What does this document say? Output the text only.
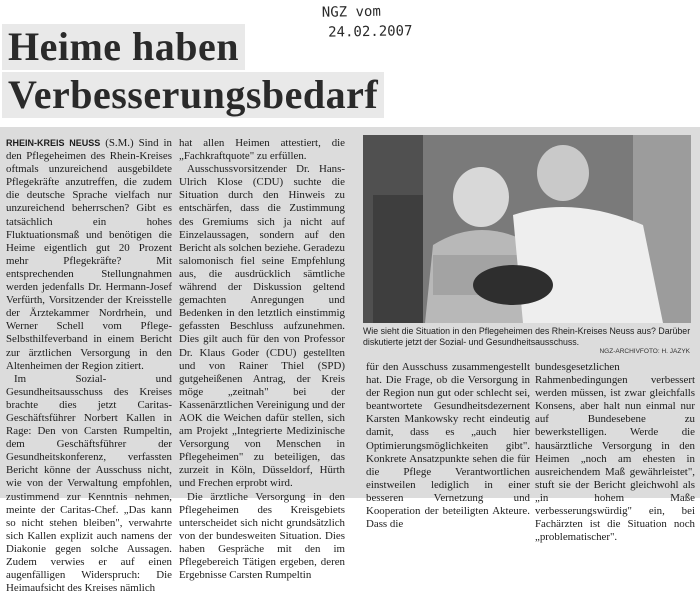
NGZ vom
24.02.2007
Heime haben
Verbesserungsbedarf

RHEIN-KREIS NEUSS (S.M.) Sind in den Pflegeheimen des Rhein-Kreises oftmals unzureichend ausgebildete Pflegekräfte anzutreffen, die zudem die deutsche Sprache vielfach nur unzureichend beherrschen? Gibt es tatsächlich ein hohes Fluktuationsmaß und benötigen die Heime eigentlich gut 20 Prozent mehr Pflegekräfte? Mit entsprechenden Stellungnahmen werden jedenfalls Dr. Hermann-Josef Verfürth, Vorsitzender der Kreisstelle der Ärztekammer Nordrhein, und Werner Schell vom Pflege-Selbsthilfeverband in einem Bericht zur ärztlichen Versorgung in den Altenheimen der Region zitiert.

Im Sozial- und Gesundheitsausschuss des Kreises brachte dies jetzt Caritas-Geschäftsführer Norbert Kallen in Rage: Den von Carsten Rumpeltin, dem Geschäftsführer der Gesundheitskonferenz, verfassten Bericht könne der Ausschuss nicht, wie von der Verwaltung empfohlen, zustimmend zur Kenntnis nehmen, meinte der Caritas-Chef. „Das kann so nicht stehen bleiben", verwahrte sich Kallen explizit auch namens der Diakonie gegen solche Aussagen. Zudem verwies er auf einen augenfälligen Widerspruch: Die Heimaufsicht des Kreises nämlich

hat allen Heimen attestiert, die „Fachkraftquote" zu erfüllen.

Ausschussvorsitzender Dr. Hans-Ulrich Klose (CDU) suchte die Situation durch den Hinweis zu entschärfen, dass die Zustimmung des Gremiums sich ja nicht auf Einzelaussagen, sondern auf den Bericht als solchen beziehe. Geradezu salomonisch fiel seine Empfehlung aus, die ausdrücklich sämtliche während der Diskussion geltend gemachten Anregungen und Bedenken in den letztlich einstimmig gefassten Beschluss aufzunehmen. Dies gilt auch für den von Professor Dr. Klaus Goder (CDU) gestellten und von Rainer Thiel (SPD) gutgeheißenen Antrag, der Kreis möge „zeitnah" bei der Kassenärztlichen Vereinigung und der AOK die Weichen dafür stellen, sich am Projekt „Integrierte Medizinische Versorgung von Menschen in Pflegeheimen" zu beteiligen, das zurzeit in Köln, Düsseldorf, Hürth und Frechen erprobt wird.

Die ärztliche Versorgung in den Pflegeheimen des Kreisgebiets unterscheidet sich nicht grundsätzlich von der bundesweiten Situation. Dies haben Gespräche mit den im Pflegebereich Tätigen ergeben, deren Ergebnisse Carsten Rumpeltin

Wie sieht die Situation in den Pflegeheimen des Rhein-Kreises Neuss aus? Darüber diskutierte jetzt der Sozial- und Gesundheitsausschuss.
NGZ-ARCHIVFOTO: H. JAZYK

für den Ausschuss zusammengestellt hat. Die Frage, ob die Versorgung in der Region nun gut oder schlecht sei, beantwortete Gesundheitsdezernent Karsten Mankowsky recht eindeutig damit, dass es „auch hier Optimierungsmöglichkeiten gibt". Konkrete Ansatzpunkte sehen die für die Pflege Verantwortlichen einstweilen lediglich in einer besseren Vernetzung und Kooperation der beteiligten Akteure. Dass die

bundesgesetzlichen Rahmenbedingungen verbessert werden müssen, ist zwar gleichfalls Konsens, aber halt nun einmal nur auf Bundesebene zu bewerkstelligen. Werde die hausärztliche Versorgung in den Heimen „noch am ehesten in ausreichendem Maß gewährleistet", stuft sie der Bericht gleichwohl als „in hohem Maße verbesserungswürdig" ein, bei Fachärzten ist die Situation noch „problematischer".
